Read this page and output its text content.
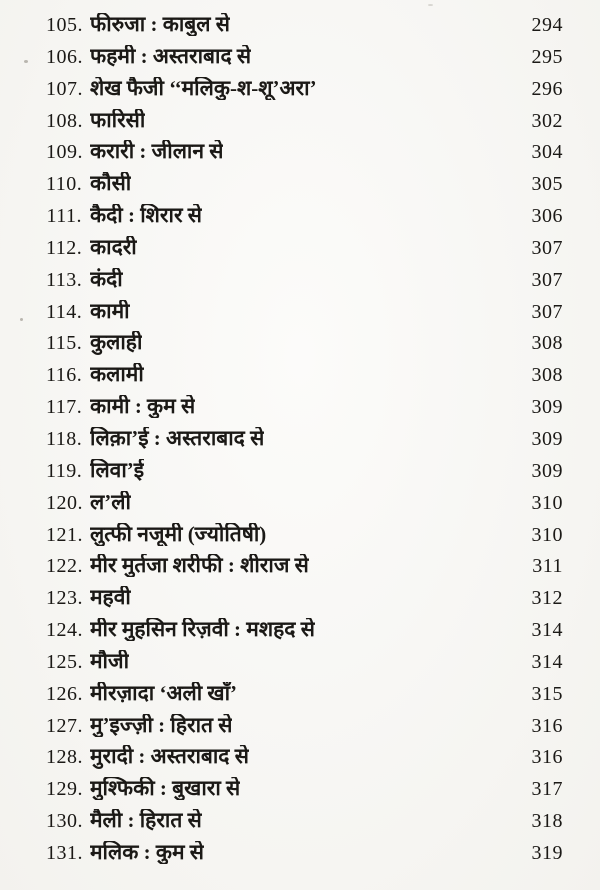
105. फीरुजा : काबुल से	294
106. फहमी : अस्तराबाद से	295
107. शेख फैजी ‘‘मलिकु-श-शू’अरा’	296
108. फारिसी	302
109. करारी : जीलान से	304
110. कौसी	305
111. कैदी : शिरार से	306
112. कादरी	307
113. कंदी	307
114. कामी	307
115. कुलाही	308
116. कलामी	308
117. कामी : कुम से	309
118. लिक़ा’ई : अस्तराबाद से	309
119. लिवा’ई	309
120. ल’ली	310
121. लुत्फी नजूमी (ज्योतिषी)	310
122. मीर मुर्तजा शरीफी : शीराज से	311
123. महवी	312
124. मीर मुहसिन रिज़वी : मशहद से	314
125. मौजी	314
126. मीरज़ादा ‘अली खाँ’	315
127. मु’इज्ज़ी : हिरात से	316
128. मुरादी : अस्तराबाद से	316
129. मुश्फिकी : बुखारा से	317
130. मैली : हिरात से	318
131. मलिक : कुम से	319
